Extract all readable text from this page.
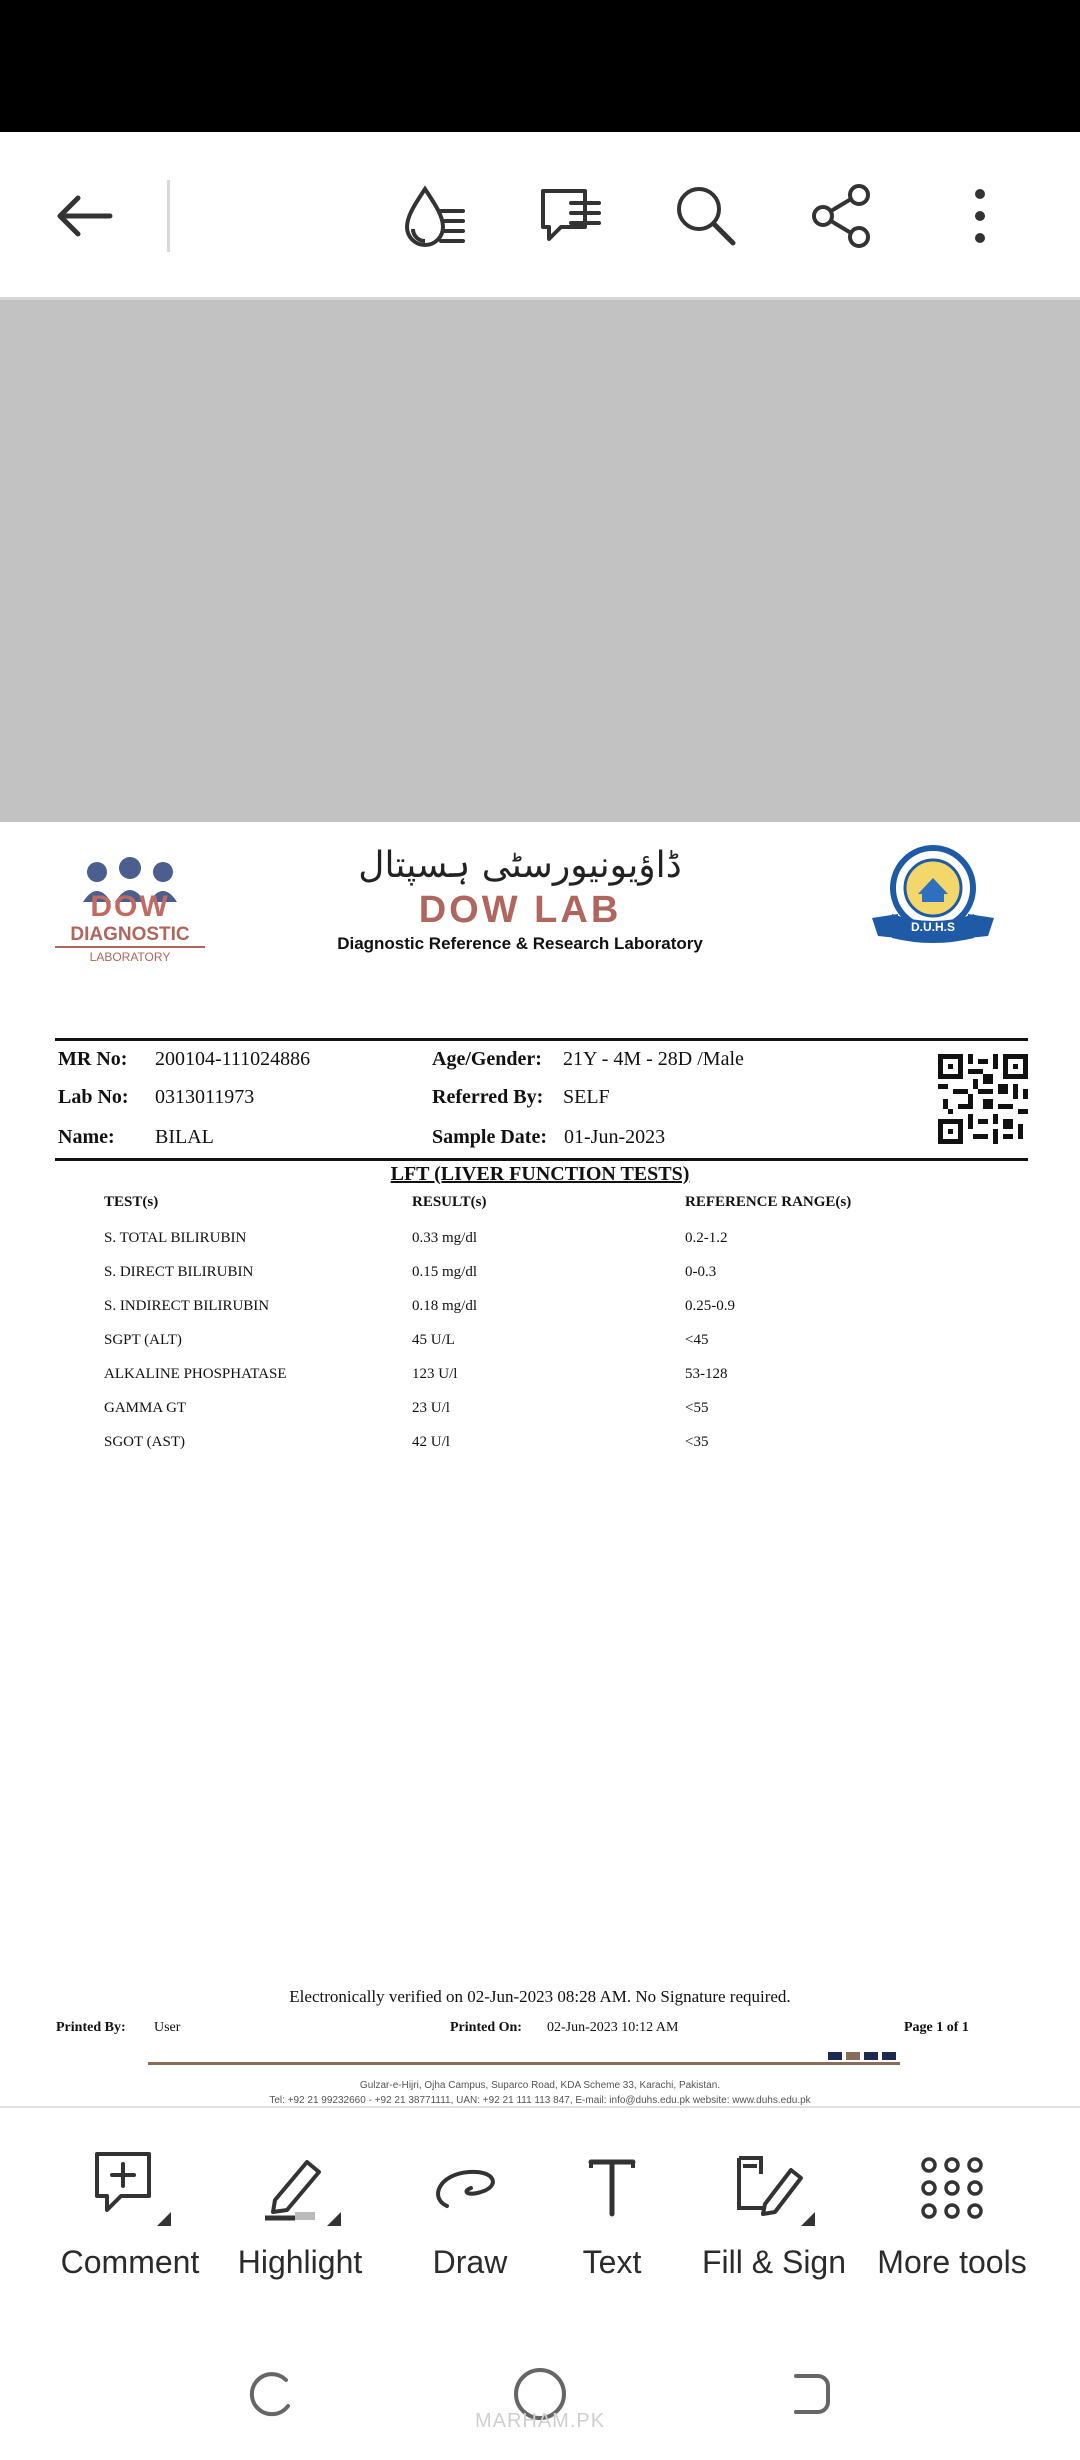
DOW
DIAGNOSTIC
LABORATORY
ڈاؤیونیورسٹی ہسپتال
DOW LAB
Diagnostic Reference & Research Laboratory
D.U.H.S
MR No: 200104-111024886
Lab No: 0313011973
Name: BILAL
Age/Gender: 21Y - 4M - 28D /Male
Referred By: SELF
Sample Date: 01-Jun-2023
LFT (LIVER FUNCTION TESTS)
TEST(s)	RESULT(s)	REFERENCE RANGE(s)
S. TOTAL BILIRUBIN	0.33 mg/dl	0.2-1.2
S. DIRECT BILIRUBIN	0.15 mg/dl	0-0.3
S. INDIRECT BILIRUBIN	0.18 mg/dl	0.25-0.9
SGPT (ALT)	45 U/L	<45
ALKALINE PHOSPHATASE	123 U/l	53-128
GAMMA GT	23 U/l	<55
SGOT (AST)	42 U/l	<35
Electronically verified on 02-Jun-2023 08:28 AM. No Signature required.
Printed By: User	Printed On: 02-Jun-2023 10:12 AM	Page 1 of 1
Gulzar-e-Hijri, Ojha Campus, Suparco Road, KDA Scheme 33, Karachi, Pakistan.
Tel: +92 21 99232660 - +92 21 38771111, UAN: +92 21 111 113 847, E-mail: info@duhs.edu.pk website: www.duhs.edu.pk
Comment Highlight Draw Text Fill & Sign More tools
MARHAM.PK
